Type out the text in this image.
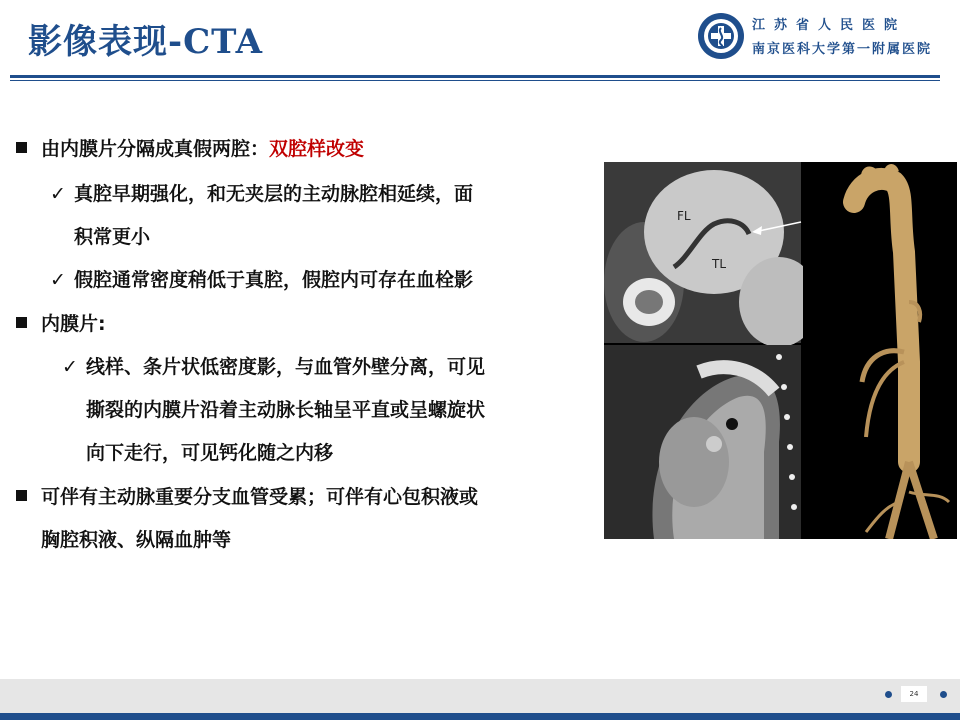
影像表现-CTA	江苏省人民医院
南京医科大学第一附属医院
由内膜片分隔成真假两腔：双腔样改变
✓ 真腔早期强化，和无夹层的主动脉腔相延续，面
积常更小
✓ 假腔通常密度稍低于真腔，假腔内可存在血栓影
内膜片:
✓ 线样、条片状低密度影，与血管外壁分离，可见
撕裂的内膜片沿着主动脉长轴呈平直或呈螺旋状
向下走行，可见钙化随之内移
可伴有主动脉重要分支血管受累；可伴有心包积液或
胸腔积液、纵隔血肿等
FL
TL
24
